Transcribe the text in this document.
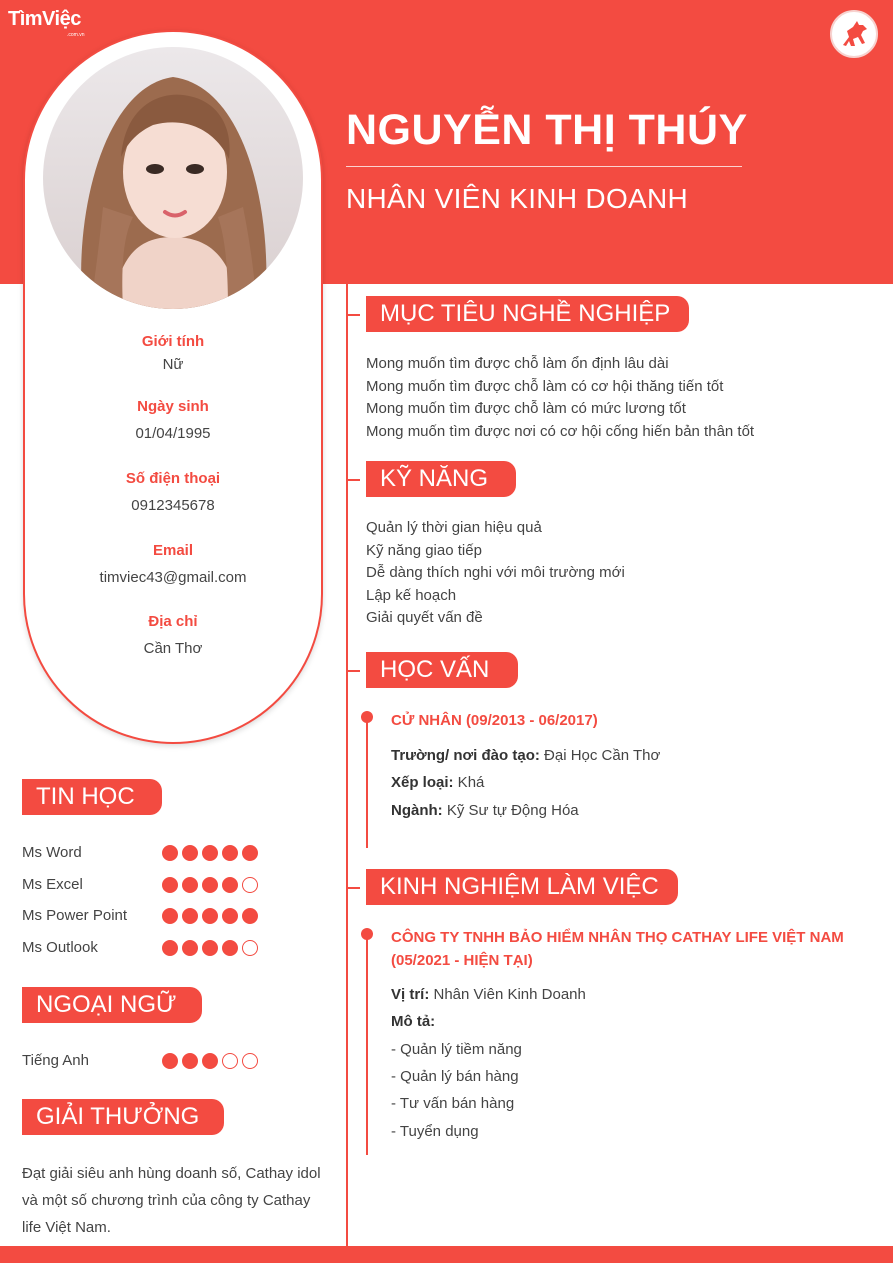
TìmViệc
.com.vn
Giới tính
Nữ
Ngày sinh
01/04/1995
Số điện thoại
0912345678
Email
timviec43@gmail.com
Địa chỉ
Cần Thơ
TIN HỌC
Ms Word
Ms Excel
Ms Power Point
Ms Outlook
NGOẠI NGỮ
Tiếng Anh
GIẢI THƯỞNG
Đạt giải siêu anh hùng doanh số, Cathay idol và một số chương trình của công ty Cathay life Việt Nam.
NGUYỄN THỊ THÚY
NHÂN VIÊN KINH DOANH
MỤC TIÊU NGHỀ NGHIỆP
Mong muốn tìm được chỗ làm ổn định lâu dài
Mong muốn tìm được chỗ làm có cơ hội thăng tiến tốt
Mong muốn tìm được chỗ làm có mức lương tốt
Mong muốn tìm được nơi có cơ hội cống hiến bản thân tốt
KỸ NĂNG
Quản lý thời gian hiệu quả
Kỹ năng giao tiếp
Dễ dàng thích nghi với môi trường mới
Lập kế hoạch
Giải quyết vấn đề
HỌC VẤN
CỬ NHÂN (09/2013 - 06/2017)
Trường/ nơi đào tạo: Đại Học Cần Thơ
Xếp loại: Khá
Ngành: Kỹ Sư tự Động Hóa
KINH NGHIỆM LÀM VIỆC
CÔNG TY TNHH BẢO HIỂM NHÂN THỌ CATHAY LIFE VIỆT NAM
(05/2021 - HIỆN TẠI)
Vị trí: Nhân Viên Kinh Doanh
Mô tả:
- Quản lý tiềm năng
- Quản lý bán hàng
- Tư vấn bán hàng
- Tuyển dụng
